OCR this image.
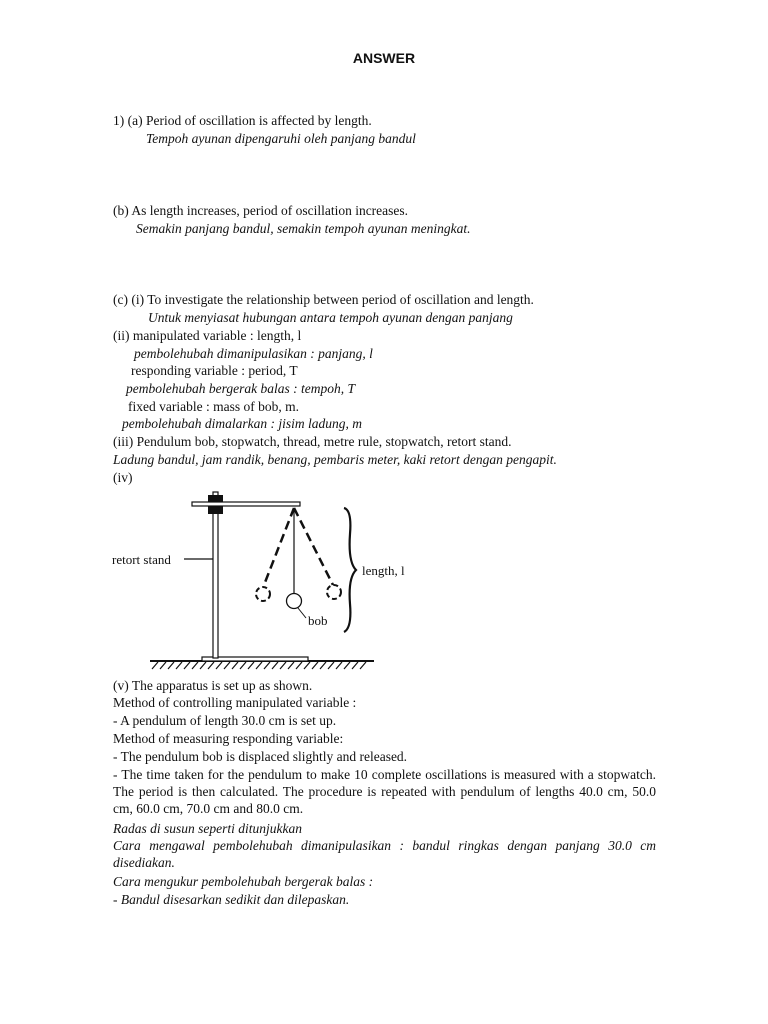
ANSWER
1) (a) Period of oscillation is affected by length.
Tempoh ayunan dipengaruhi oleh panjang bandul
(b) As length increases, period of oscillation increases.
Semakin panjang bandul, semakin tempoh ayunan meningkat.
(c) (i) To investigate the relationship between period of oscillation and length.
Untuk menyiasat hubungan antara tempoh ayunan dengan panjang
(ii) manipulated variable : length, l
pembolehubah dimanipulasikan : panjang, l
responding variable : period, T
pembolehubah bergerak balas : tempoh, T
fixed variable : mass of bob, m.
pembolehubah dimalarkan : jisim ladung, m
(iii) Pendulum bob, stopwatch, thread, metre rule, stopwatch, retort stand.
Ladung bandul, jam randik, benang, pembaris meter, kaki retort dengan pengapit.
(iv)
retort stand
bob
length, l
(v) The apparatus is set up as shown.
Method of controlling manipulated variable :
- A pendulum of length 30.0 cm is set up.
Method of measuring responding variable:
- The pendulum bob is displaced slightly and released.
- The time taken for the pendulum to make 10 complete oscillations is measured with a stopwatch. The period is then calculated. The procedure is repeated with pendulum of lengths 40.0 cm, 50.0 cm, 60.0 cm, 70.0 cm and 80.0 cm.
Radas di susun seperti ditunjukkan
Cara mengawal pembolehubah dimanipulasikan : bandul ringkas dengan panjang 30.0 cm disediakan.
Cara mengukur pembolehubah bergerak balas :
- Bandul disesarkan sedikit dan dilepaskan.
